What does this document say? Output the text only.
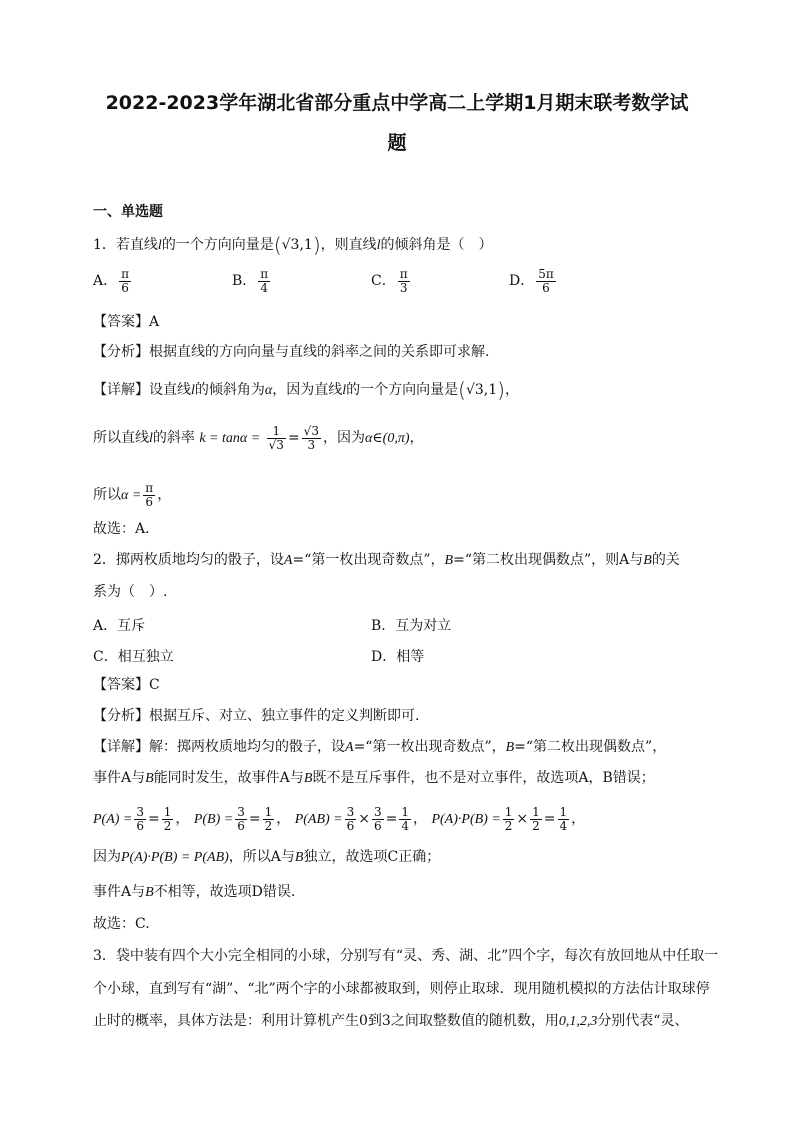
2022-2023学年湖北省部分重点中学高二上学期1月期末联考数学试
题
一、单选题
1．若直线l的一个方向向量是(√3,1)，则直线l的倾斜角是（　）
A． $\frac{\pi}{6}$	B． $\frac{\pi}{4}$	C． $\frac{\pi}{3}$	D． $\frac{5\pi}{6}$
【答案】A
【分析】根据直线的方向向量与直线的斜率之间的关系即可求解.
【详解】设直线l的倾斜角为α，因为直线l的一个方向向量是(√3,1)，
所以直线l的斜率 $k = \tan\alpha = \frac{1}{√3} = \frac{√3}{3}$ ，因为α∈(0,π)，
所以$\alpha = \frac{\pi}{6}$ ，
故选：A．
2．掷两枚质地均匀的骰子，设A=“第一枚出现奇数点”，B=“第二枚出现偶数点”，则A与B的关
系为（　）.
A．互斥	B．互为对立
C．相互独立	D．相等
【答案】C
【分析】根据互斥、对立、独立事件的定义判断即可.
【详解】解：掷两枚质地均匀的骰子，设A=“第一枚出现奇数点”，B=“第二枚出现偶数点”，
事件A与B能同时发生，故事件A与B既不是互斥事件，也不是对立事件，故选项A，B错误；
$P(A) = \frac{3}{6} = \frac{1}{2}$ ， $P(B) = \frac{3}{6} = \frac{1}{2}$ ， $P(AB) = \frac{3}{6} \times \frac{3}{6} = \frac{1}{4}$ ， $P(A)\cdot P(B) = \frac{1}{2} \times \frac{1}{2} = \frac{1}{4}$ ，
因为P(A)·P(B) = P(AB)，所以A与B独立，故选项C正确；
事件A与B不相等，故选项D错误.
故选：C.
3．袋中装有四个大小完全相同的小球，分别写有“灵、秀、湖、北”四个字，每次有放回地从中任取一
个小球，直到写有“湖”、“北”两个字的小球都被取到，则停止取球．现用随机模拟的方法估计取球停
止时的概率，具体方法是：利用计算机产生0到3之间取整数值的随机数，用0,1,2,3分别代表“灵、
